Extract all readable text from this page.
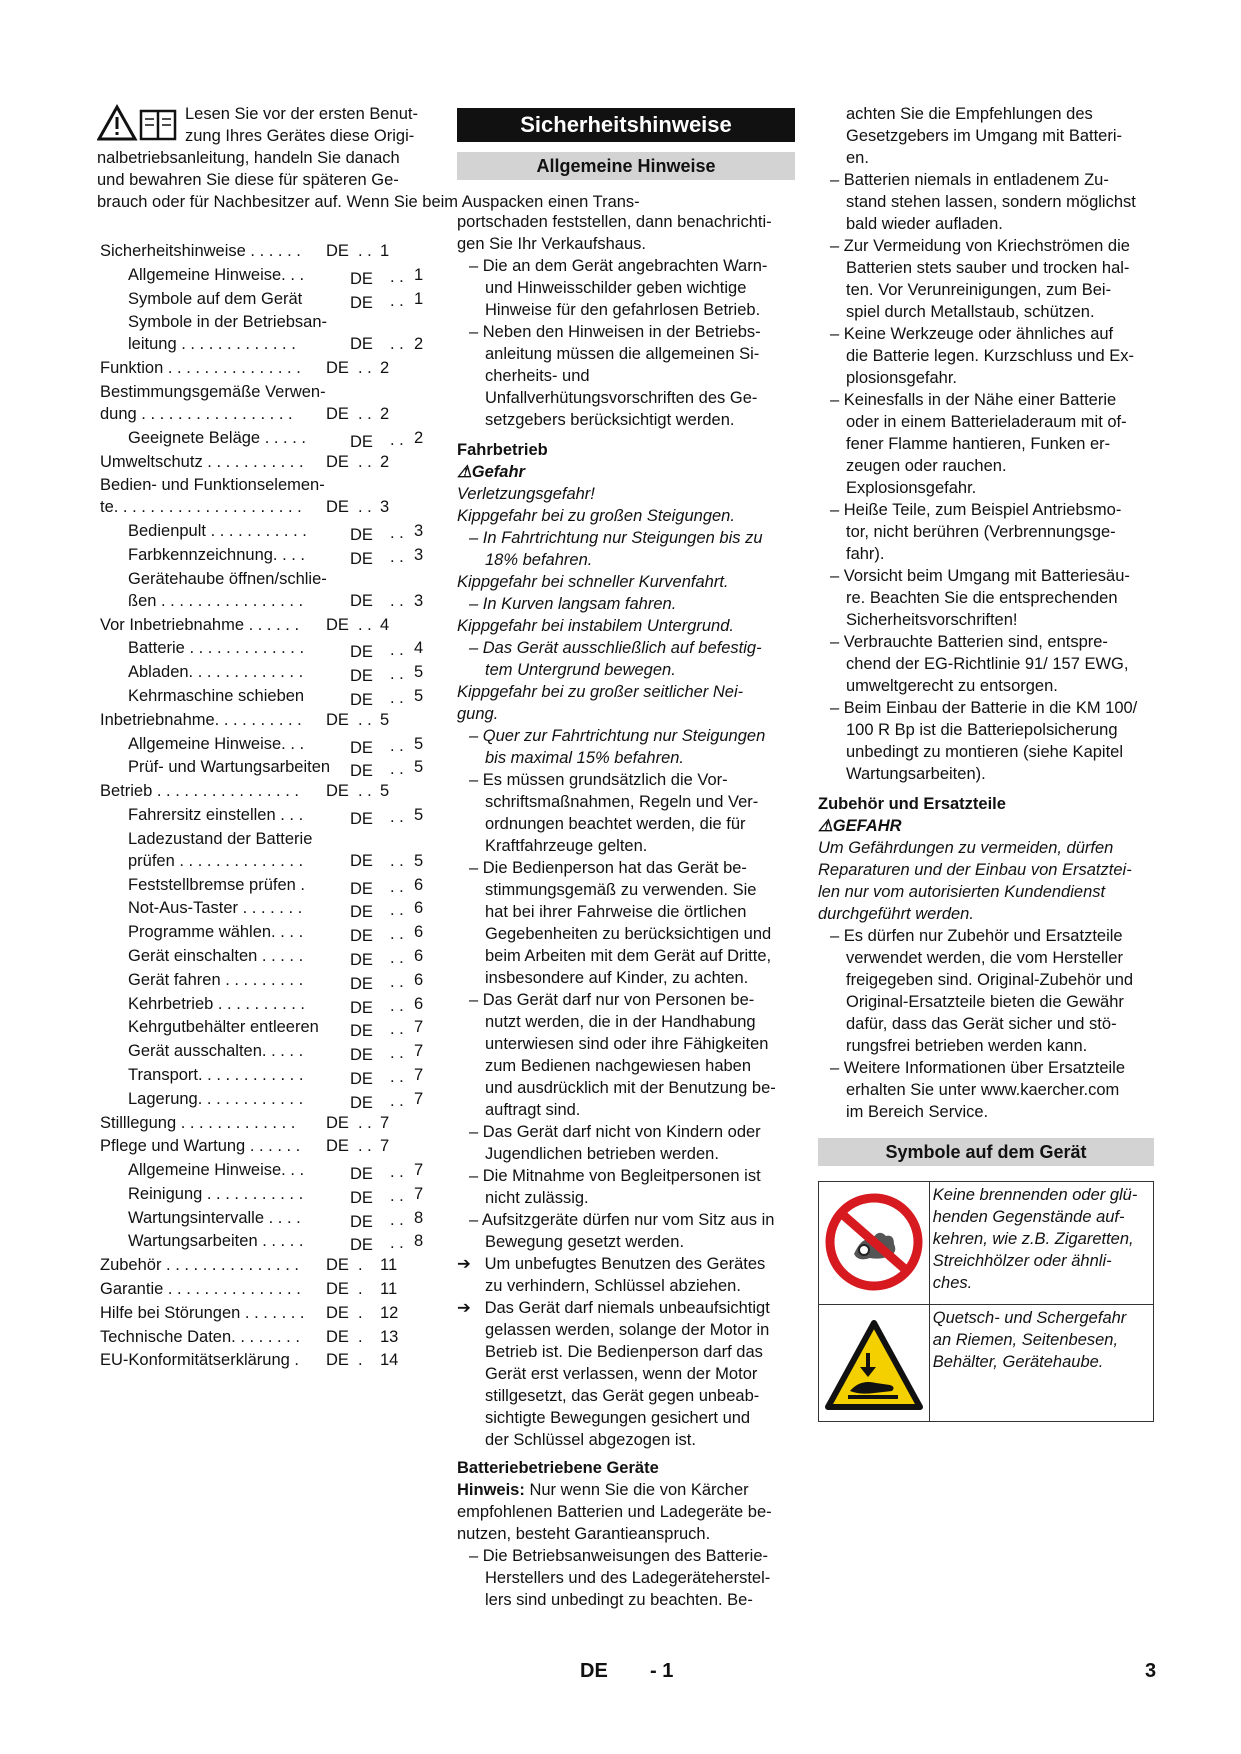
Lesen Sie vor der ersten Benut-
zung Ihres Gerätes diese Origi-
nalbetriebsanleitung, handeln Sie danach
und bewahren Sie diese für späteren Ge-
brauch oder für Nachbesitzer auf. Wenn Sie beim Auspacken einen Trans-
Sicherheitshinweise . . . . . . DE . . 1
Allgemeine Hinweise. . .	DE . . 1
Symbole auf dem Gerät	DE . . 1
Symbole in der Betriebsan-
leitung . . . . . . . . . . . . .	DE . . 2
Funktion . . . . . . . . . . . . . . . DE . . 2
Bestimmungsgemäße Verwen-
dung . . . . . . . . . . . . . . . . .	DE . . 2
Geeignete Beläge . . . . .	DE . . 2
Umweltschutz . . . . . . . . . . . DE . . 2
Bedien- und Funktionselemen-
te. . . . . . . . . . . . . . . . . . . . .	DE . . 3
Bedienpult . . . . . . . . . . .	DE . . 3
Farbkennzeichnung. . . .	DE . . 3
Gerätehaube öffnen/schlie-
ßen . . . . . . . . . . . . . . . .	DE . . 3
Vor Inbetriebnahme . . . . . . DE . . 4
Batterie . . . . . . . . . . . . .	DE . . 4
Abladen. . . . . . . . . . . . .	DE . . 5
Kehrmaschine schieben	DE . . 5
Inbetriebnahme. . . . . . . . . . DE . . 5
Allgemeine Hinweise. . .	DE . . 5
Prüf- und Wartungsarbeiten DE . . 5
Betrieb . . . . . . . . . . . . . . . . DE . . 5
Fahrersitz einstellen . . .	DE . . 5
Ladezustand der Batterie
prüfen . . . . . . . . . . . . . .	DE . . 5
Feststellbremse prüfen .	DE . . 6
Not-Aus-Taster . . . . . . .	DE . . 6
Programme wählen. . . .	DE . . 6
Gerät einschalten . . . . .	DE . . 6
Gerät fahren . . . . . . . . .	DE . . 6
Kehrbetrieb . . . . . . . . . .	DE . . 6
Kehrgutbehälter entleeren DE . . 7
Gerät ausschalten. . . . .	DE . . 7
Transport. . . . . . . . . . . .	DE . . 7
Lagerung. . . . . . . . . . . .	DE . . 7
Stilllegung . . . . . . . . . . . . . DE . . 7
Pflege und Wartung . . . . . . DE . . 7
Allgemeine Hinweise. . .	DE . . 7
Reinigung . . . . . . . . . . .	DE . . 7
Wartungsintervalle . . . .	DE . . 8
Wartungsarbeiten . . . . .	DE . . 8
Zubehör . . . . . . . . . . . . . . . DE . 11
Garantie . . . . . . . . . . . . . . . DE . 11
Hilfe bei Störungen . . . . . . . DE . 12
Technische Daten. . . . . . . . DE . 13
EU-Konformitätserklärung . DE . 14
Sicherheitshinweise
Allgemeine Hinweise

portschaden feststellen, dann benachrichti-
gen Sie Ihr Verkaufshaus.

– Die an dem Gerät angebrachten Warn-
und Hinweisschilder geben wichtige
Hinweise für den gefahrlosen Betrieb.
– Neben den Hinweisen in der Betriebs-
anleitung müssen die allgemeinen Si-
cherheits- und
Unfallverhütungsvorschriften des Ge-
setzgebers berücksichtigt werden.
Fahrbetrieb
⚠Gefahr
Verletzungsgefahr!
Kippgefahr bei zu großen Steigungen.
– In Fahrtrichtung nur Steigungen bis zu
18% befahren.
Kippgefahr bei schneller Kurvenfahrt.
– In Kurven langsam fahren.
Kippgefahr bei instabilem Untergrund.
– Das Gerät ausschließlich auf befestig-
tem Untergrund bewegen.
Kippgefahr bei zu großer seitlicher Nei-
gung.
– Quer zur Fahrtrichtung nur Steigungen
bis maximal 15% befahren.
– Es müssen grundsätzlich die Vor-
schriftsmaßnahmen, Regeln und Ver-
ordnungen beachtet werden, die für
Kraftfahrzeuge gelten.
– Die Bedienperson hat das Gerät be-
stimmungsgemäß zu verwenden. Sie
hat bei ihrer Fahrweise die örtlichen
Gegebenheiten zu berücksichtigen und
beim Arbeiten mit dem Gerät auf Dritte,
insbesondere auf Kinder, zu achten.
– Das Gerät darf nur von Personen be-
nutzt werden, die in der Handhabung
unterwiesen sind oder ihre Fähigkeiten
zum Bedienen nachgewiesen haben
und ausdrücklich mit der Benutzung be-
auftragt sind.
– Das Gerät darf nicht von Kindern oder
Jugendlichen betrieben werden.
– Die Mitnahme von Begleitpersonen ist
nicht zulässig.
– Aufsitzgeräte dürfen nur vom Sitz aus in
Bewegung gesetzt werden.
➔ Um unbefugtes Benutzen des Gerätes
zu verhindern, Schlüssel abziehen.
➔ Das Gerät darf niemals unbeaufsichtigt
gelassen werden, solange der Motor in
Betrieb ist. Die Bedienperson darf das
Gerät erst verlassen, wenn der Motor
stillgesetzt, das Gerät gegen unbeab-
sichtigte Bewegungen gesichert und
der Schlüssel abgezogen ist.
Batteriebetriebene Geräte

Hinweis: Nur wenn Sie die von Kärcher
empfohlenen Batterien und Ladegeräte be-
nutzen, besteht Garantieanspruch.

– Die Betriebsanweisungen des Batterie-
Herstellers und des Ladegeräteherstel-
lers sind unbedingt zu beachten. Be-
achten Sie die Empfehlungen des
Gesetzgebers im Umgang mit Batteri-
en.
– Batterien niemals in entladenem Zu-
stand stehen lassen, sondern möglichst
bald wieder aufladen.
– Zur Vermeidung von Kriechströmen die
Batterien stets sauber und trocken hal-
ten. Vor Verunreinigungen, zum Bei-
spiel durch Metallstaub, schützen.
– Keine Werkzeuge oder ähnliches auf
die Batterie legen. Kurzschluss und Ex-
plosionsgefahr.
– Keinesfalls in der Nähe einer Batterie
oder in einem Batterieladeraum mit of-
fener Flamme hantieren, Funken er-
zeugen oder rauchen.
Explosionsgefahr.
– Heiße Teile, zum Beispiel Antriebsmo-
tor, nicht berühren (Verbrennungsge-
fahr).
– Vorsicht beim Umgang mit Batteriesäu-
re. Beachten Sie die entsprechenden
Sicherheitsvorschriften!
– Verbrauchte Batterien sind, entspre-
chend der EG-Richtlinie 91/ 157 EWG,
umweltgerecht zu entsorgen.
– Beim Einbau der Batterie in die KM 100/
100 R Bp ist die Batteriepolsicherung
unbedingt zu montieren (siehe Kapitel
Wartungsarbeiten).
Zubehör und Ersatzteile
⚠GEFAHR
Um Gefährdungen zu vermeiden, dürfen
Reparaturen und der Einbau von Ersatztei-
len nur vom autorisierten Kundendienst
durchgeführt werden.
– Es dürfen nur Zubehör und Ersatzteile
verwendet werden, die vom Hersteller
freigegeben sind. Original-Zubehör und
Original-Ersatzteile bieten die Gewähr
dafür, dass das Gerät sicher und stö-
rungsfrei betrieben werden kann.
– Weitere Informationen über Ersatzteile
erhalten Sie unter www.kaercher.com
im Bereich Service.
Symbole auf dem Gerät
	Keine brennenden oder glü-
henden Gegenstände auf-
kehren, wie z.B. Zigaretten,
Streichhölzer oder ähnli-
ches.
	Quetsch- und Schergefahr
an Riemen, Seitenbesen,
Behälter, Gerätehaube.
DE - 1	3
